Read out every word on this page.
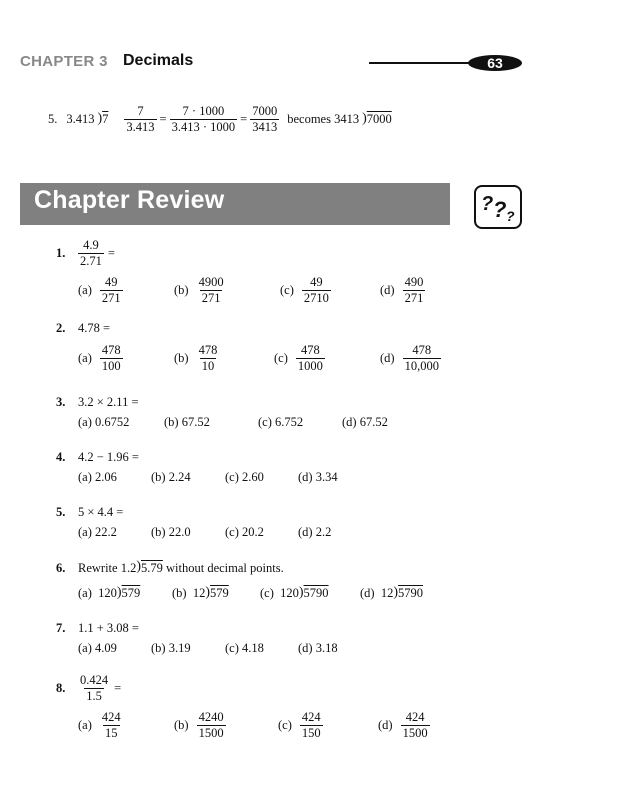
CHAPTER 3 Decimals	63
5. 3.413 ) $7 \frac{7}{3.413} = \frac{7 \cdot 1000}{3.413 \cdot 1000} = \frac{7000}{3413}$ becomes 3413 ) 7000
Chapter Review	? ? ?
1.	$\frac{4.9}{2.71}$ =
$(a) \frac{49}{271}$	$(b) \frac{4900}{271}$	$(c) \frac{49}{2710}$	$(d) \frac{490}{271}$
2.	4.78 =
$(a) \frac{478}{100}$	$(b) \frac{478}{10}$	$(c) \frac{478}{1000}$	$(d) \frac{478}{10,000}$
3.	3.2 × 2.11 =
(a) 0.6752	(b) 67.52	(c) 6.752	(d) 67.52
4.	4.2 − 1.96 =
(a) 2.06	(b) 2.24	(c) 2.60	(d) 3.34
5.	5 × 4.4 =
(a) 22.2	(b) 22.0	(c) 20.2	(d) 2.2
6.	Rewrite 1.2 ) 5.79 without decimal points.
(a) 120)579	(b) 12)579	(c) 120)5790	(d) 12)5790
7.	1.1 + 3.08 =
(a) 4.09	(b) 3.19	(c) 4.18	(d) 3.18
8.	$\frac{0.424}{1.5}$ =
$(a) \frac{424}{15}$	$(b) \frac{4240}{1500}$	$(c) \frac{424}{150}$	$(d) \frac{424}{1500}$
